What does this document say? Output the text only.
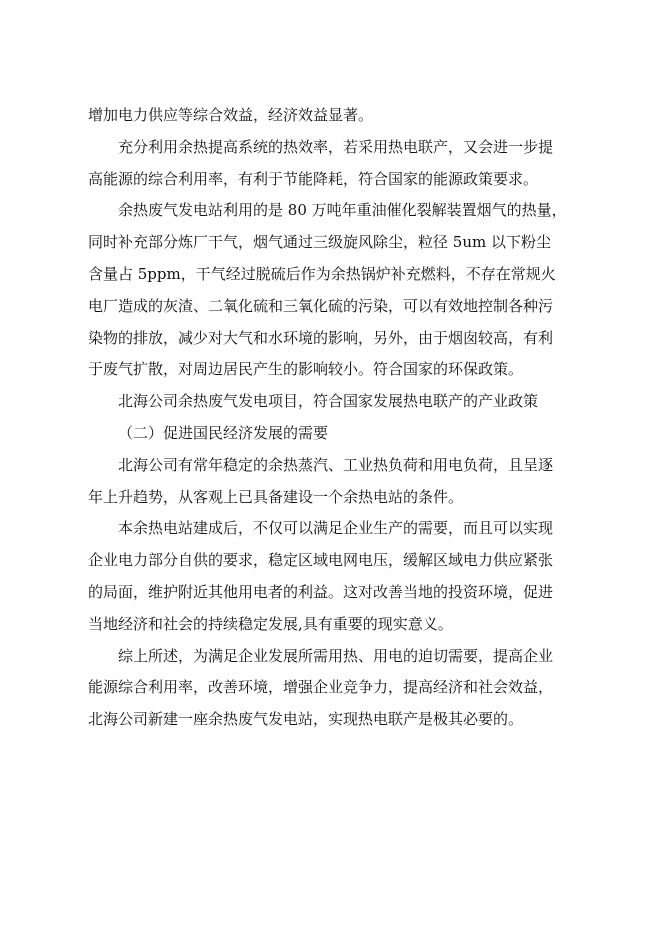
增加电力供应等综合效益，经济效益显著。
充分利用余热提高系统的热效率，若采用热电联产，又会进一步提
高能源的综合利用率，有利于节能降耗，符合国家的能源政策要求。
余热废气发电站利用的是 80 万吨年重油催化裂解装置烟气的热量，
同时补充部分炼厂干气，烟气通过三级旋风除尘，粒径 5um 以下粉尘
含量占 5ppm，干气经过脱硫后作为余热锅炉补充燃料，不存在常规火
电厂造成的灰渣、二氧化硫和三氧化硫的污染，可以有效地控制各种污
染物的排放，减少对大气和水环境的影响，另外，由于烟囱较高，有利
于废气扩散，对周边居民产生的影响较小。符合国家的环保政策。
北海公司余热废气发电项目，符合国家发展热电联产的产业政策
（二）促进国民经济发展的需要
北海公司有常年稳定的余热蒸汽、工业热负荷和用电负荷，且呈逐
年上升趋势，从客观上已具备建设一个余热电站的条件。
本余热电站建成后，不仅可以满足企业生产的需要，而且可以实现
企业电力部分自供的要求，稳定区域电网电压，缓解区域电力供应紧张
的局面，维护附近其他用电者的利益。这对改善当地的投资环境，促进
当地经济和社会的持续稳定发展,具有重要的现实意义。
综上所述，为满足企业发展所需用热、用电的迫切需要，提高企业
能源综合利用率，改善环境，增强企业竞争力，提高经济和社会效益，
北海公司新建一座余热废气发电站，实现热电联产是极其必要的。
